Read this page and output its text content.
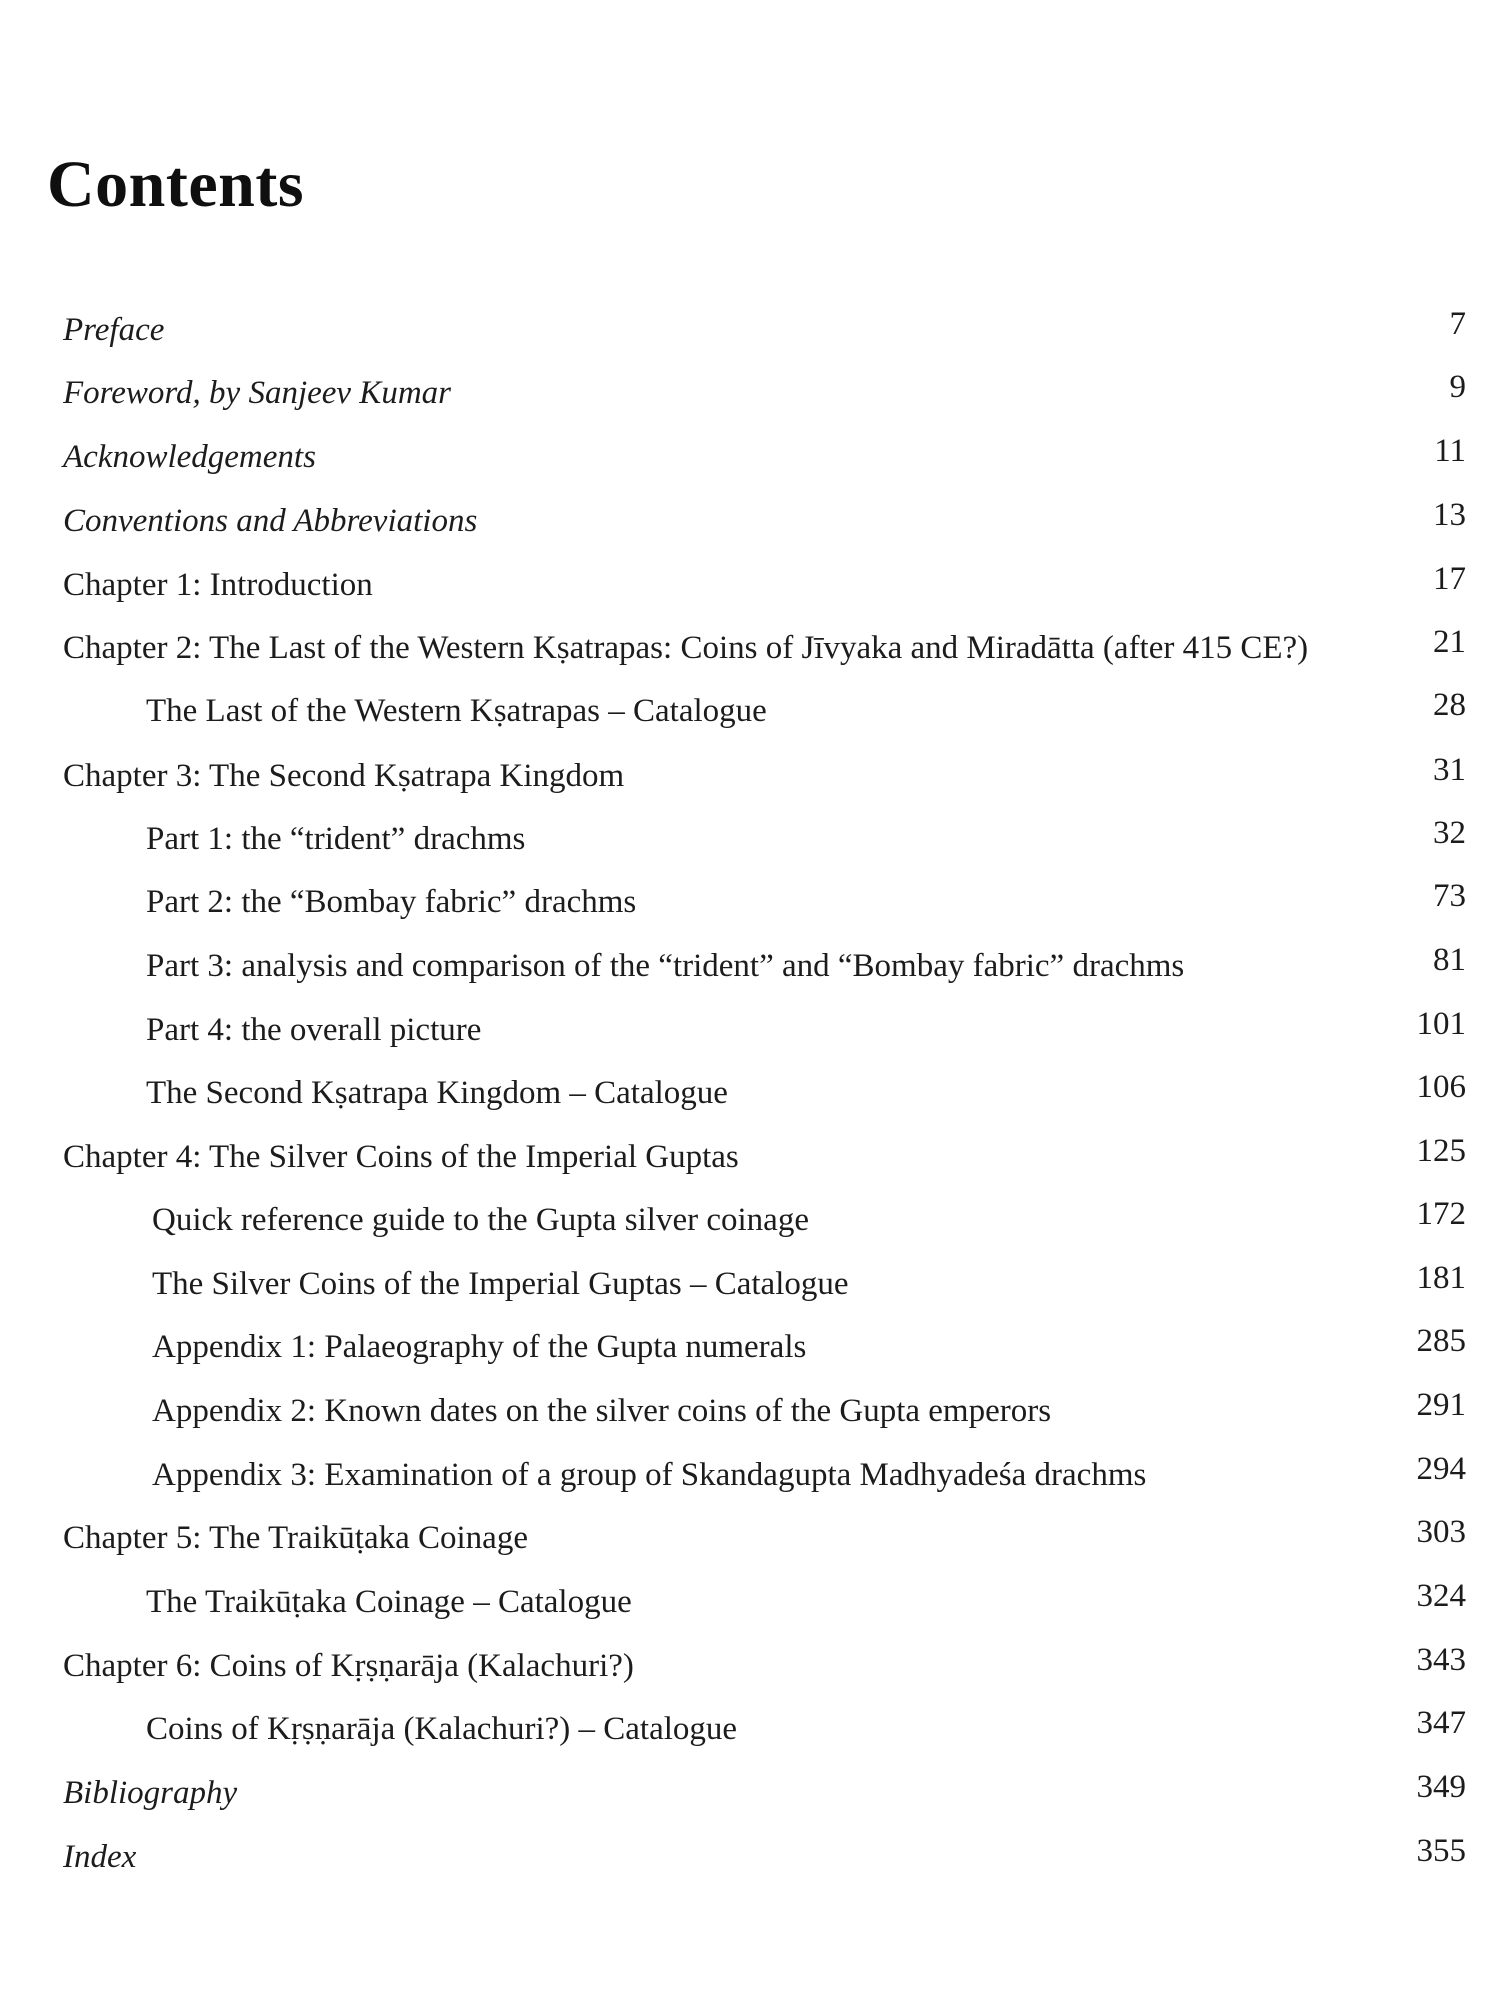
Contents
Preface	7
Foreword, by Sanjeev Kumar	9
Acknowledgements	11
Conventions and Abbreviations	13
Chapter 1: Introduction	17
Chapter 2: The Last of the Western Kṣatrapas: Coins of Jīvyaka and Miradātta (after 415 CE?)	21
The Last of the Western Kṣatrapas – Catalogue	28
Chapter 3: The Second Kṣatrapa Kingdom	31
Part 1: the “trident” drachms	32
Part 2: the “Bombay fabric” drachms	73
Part 3: analysis and comparison of the “trident” and “Bombay fabric” drachms	81
Part 4: the overall picture	101
The Second Kṣatrapa Kingdom – Catalogue	106
Chapter 4: The Silver Coins of the Imperial Guptas	125
Quick reference guide to the Gupta silver coinage	172
The Silver Coins of the Imperial Guptas – Catalogue	181
Appendix 1: Palaeography of the Gupta numerals	285
Appendix 2: Known dates on the silver coins of the Gupta emperors	291
Appendix 3: Examination of a group of Skandagupta Madhyadeśa drachms	294
Chapter 5: The Traikūṭaka Coinage	303
The Traikūṭaka Coinage – Catalogue	324
Chapter 6: Coins of Kṛṣṇarāja (Kalachuri?)	343
Coins of Kṛṣṇarāja (Kalachuri?) – Catalogue	347
Bibliography	349
Index	355
